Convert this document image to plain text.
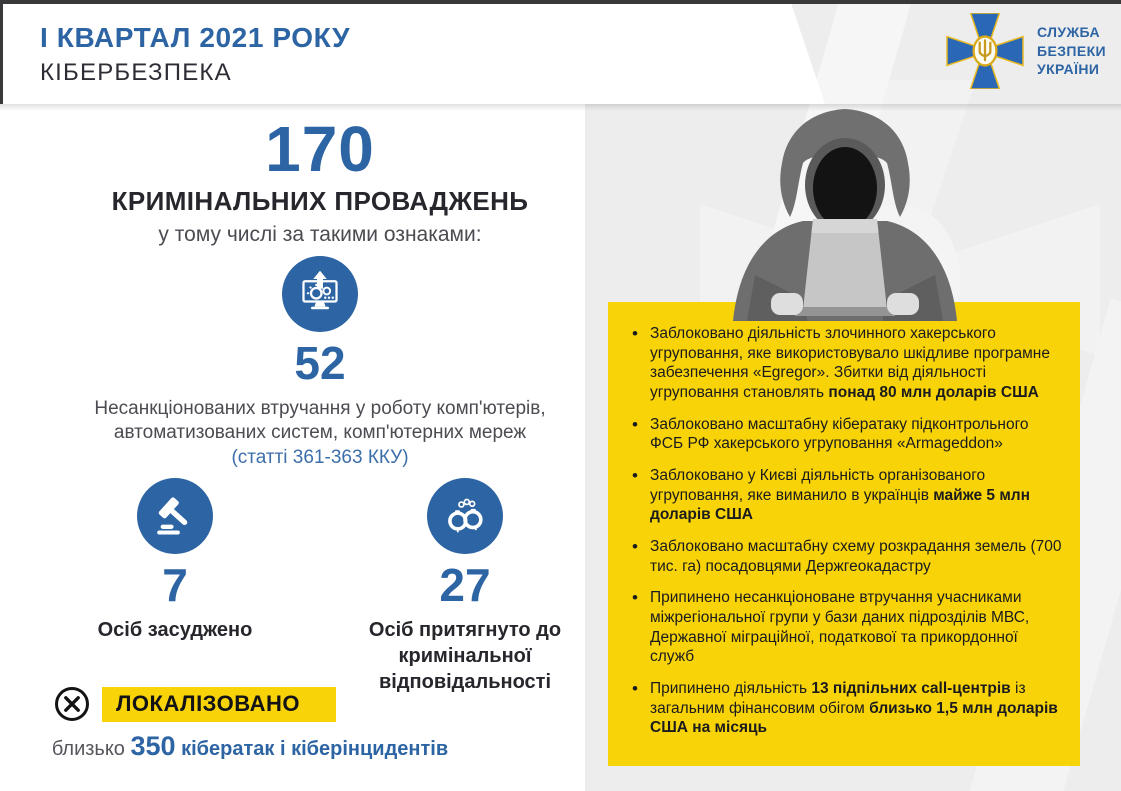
І КВАРТАЛ 2021 РОКУ
КІБЕРБЕЗПЕКА
СЛУЖБА
БЕЗПЕКИ
УКРАЇНИ
170
КРИМІНАЛЬНИХ ПРОВАДЖЕНЬ
у тому числі за такими ознаками:
52
Несанкціонованих втручання у роботу комп'ютерів,
автоматизованих систем, комп'ютерних мереж
(статті 361-363 ККУ)
7
Осіб засуджено
27
Осіб притягнуто до кримінальної відповідальності
ЛОКАЛІЗОВАНО
близько 350 кібератак і кіберінцидентів
• Заблоковано діяльність злочинного хакерського угруповання, яке використовувало шкідливе програмне забезпечення «Egregor». Збитки від діяльності угруповання становлять понад 80 млн доларів США
• Заблоковано масштабну кібератаку підконтрольного ФСБ РФ хакерського угруповання «Armageddon»
• Заблоковано у Києві діяльність організованого угруповання, яке виманило в українців майже 5 млн доларів США
• Заблоковано масштабну схему розкрадання земель (700 тис. га) посадовцями Держгеокадастру
• Припинено несанкціоноване втручання учасниками міжрегіональної групи у бази даних підрозділів МВС, Державної міграційної, податкової та прикордонної служб
• Припинено діяльність 13 підпільних call-центрів із загальним фінансовим обігом близько 1,5 млн доларів США на місяць
